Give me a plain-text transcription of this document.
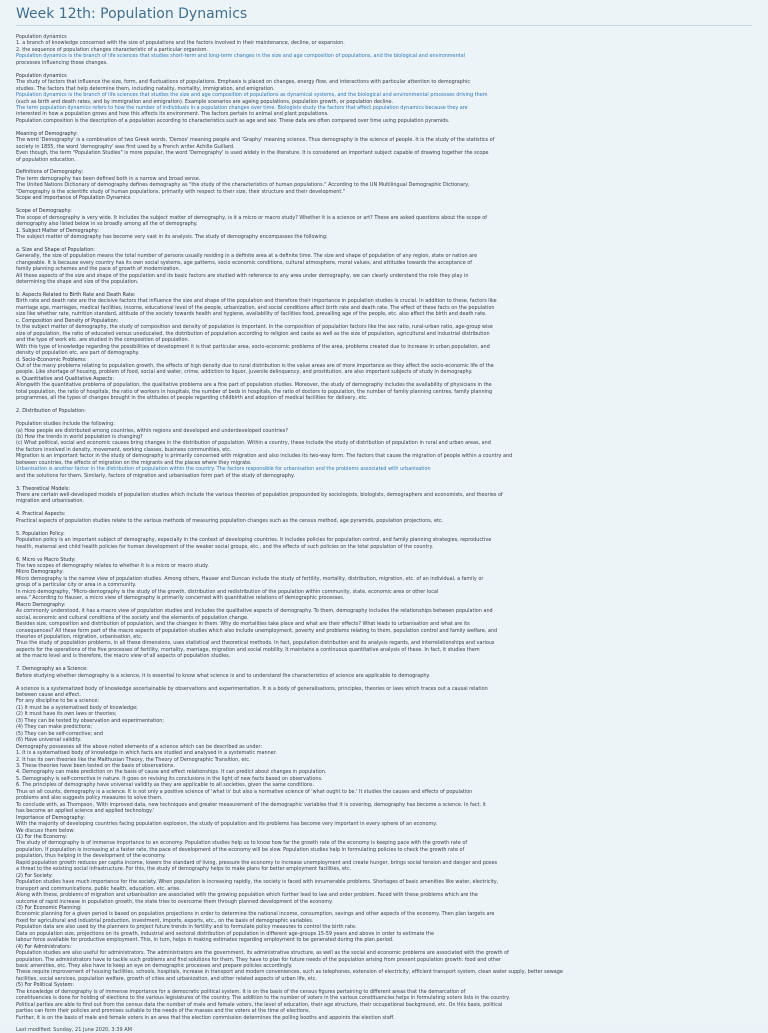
Week 12th: Population Dynamics
Population dynamics
1. a branch of knowledge concerned with the size of populations and the factors involved in their maintenance, decline, or expansion.
2. the sequence of population changes characteristic of a particular organism.
Population dynamics is the branch of life sciences that studies short-term and long-term changes in the size and age composition of populations, and the biological and environmental
processes influencing those changes.
Population dynamics
The study of factors that influence the size, form, and fluctuations of populations. Emphasis is placed on changes, energy flow, and interactions with particular attention to demographic
studies. The factors that help determine them, including natality, mortality, immigration, and emigration.
Population dynamics is the branch of life sciences that studies the size and age composition of populations as dynamical systems, and the biological and environmental processes driving them
(such as birth and death rates, and by immigration and emigration). Example scenarios are ageing populations, population growth, or population decline.
The term population dynamics refers to how the number of individuals in a population changes over time. Biologists study the factors that affect population dynamics because they are
interested in how a population grows and how this affects its environment. The factors pertain to animal and plant populations.
Population composition is the description of a population according to characteristics such as age and sex. These data are often compared over time using population pyramids.
Meaning of Demography:
The word 'Demography' is a combination of two Greek words, 'Demos' meaning people and 'Graphy' meaning science. Thus demography is the science of people. It is the study of the statistics of
society in 1855, the word 'demography' was first used by a French writer Achille Guillard.
Even though, the term "Population Studies" is more popular, the word 'Demography' is used widely in the literature. It is considered an important subject capable of drawing together the scope
of population education.
Definitions of Demography:
The term demography has been defined both in a narrow and broad sense.
The United Nations Dictionary of demography defines demography as "the study of the characteristics of human populations." According to the UN Multilingual Demographic Dictionary,
"Demography is the scientific study of human populations, primarily with respect to their size, their structure and their development."
Scope and Importance of Population Dynamics
Scope of Demography:
The scope of demography is very wide. It includes the subject matter of demography, is it a micro or macro study? Whether it is a science or art? These are asked questions about the scope of
demography also listed below in so broadly among all the of demography.
1. Subject Matter of Demography:
The subject matter of demography has become very vast in its analysis. The study of demography encompasses the following:
a. Size and Shape of Population:
Generally, the size of population means the total number of persons usually residing in a definite area at a definite time. The size and shape of population of any region, state or nation are
changeable. It is because every country has its own social systems, age patterns, socio economic conditions, cultural atmosphere, moral values, and attitudes towards the acceptance of
family planning schemes and the pace of growth of modernization.
All these aspects of the size and shape of the population and its basic factors are studied with reference to any area under demography, we can clearly understand the role they play in
determining the shape and size of the population.
b. Aspects Related to Birth Rate and Death Rate:
Birth rate and death rate are the decisive factors that influence the size and shape of the population and therefore their importance in population studies is crucial. In addition to these, factors like
marriage age, marriages, medical facilities, income, educational level of the people, urbanization, and social conditions affect birth rate and death rate. The effect of these facts on the population
size like whether rate, nutrition standard, attitude of the society towards health and hygiene, availability of facilities food, prevailing age of the people, etc. also affect the birth and death rate.
c. Composition and Density of Population:
In the subject matter of demography, the study of composition and density of population is important. In the composition of population factors like the sex ratio, rural-urban ratio, age-group wise
size of population, the ratio of educated versus uneducated, the distribution of population according to religion and caste as well as the size of population, agricultural and industrial distribution
and the type of work etc. are studied in the composition of population.
With this type of knowledge regarding the possibilities of development it is that particular area, socio-economic problems of the area, problems created due to increase in urban population, and
density of population etc. are part of demography.
d. Socio-Economic Problems:
Out of the many problems relating to population growth, the effects of high density due to rural distribution is the value areas are of more importance as they affect the socio-economic life of the
people. Like shortage of housing, problem of food, social and water, crime, addiction to liquor, juvenile delinquency, and prostitution, are also important subjects of study in demography.
e. Quantitative and Qualitative Aspects:
Alongwith the quantitative problems of population, the qualitative problems are a fine part of population studies. Moreover, the study of demography includes the availability of physicians in the
total population, the ratio of hospitals, the ratio of workers in hospitals, the number of beds in hospitals, the ratio of doctors to population, the number of family planning centres, family planning
programmes, all the types of changes brought in the attitudes of people regarding childbirth and adoption of medical facilities for delivery, etc.
2. Distribution of Population:
Population studies include the following:
(a) How people are distributed among countries, within regions and developed and underdeveloped countries?
(b) How the trends in world population is changing?
(c) What political, social and economic causes bring changes in the distribution of population. Within a country, these include the study of distribution of population in rural and urban areas, and
the factors involved in density, movement, working classes, business communities, etc.
Migration is an important factor in the study of demography is primarily concerned with migration and also includes its two-way form. The factors that cause the migration of people within a country and
between countries, the effects of migration on the migrants and the places where they migrate.
Urbanisation is another factor in the distribution of population within the country. The factors responsible for urbanisation and the problems associated with urbanisation
and the solutions for them. Similarly, factors of migration and urbanisation form part of the study of demography.
3. Theoretical Models:
There are certain well-developed models of population studies which include the various theories of population propounded by sociologists, biologists, demographers and economists, and theories of
migration and urbanisation.
4. Practical Aspects:
Practical aspects of population studies relate to the various methods of measuring population changes such as the census method, age pyramids, population projections, etc.
5. Population Policy:
Population policy is an important subject of demography, especially in the context of developing countries. It includes policies for population control, and family planning strategies, reproductive
health, maternal and child health policies for human development of the weaker social groups, etc., and the effects of such policies on the total population of the country.
6. Micro vs Macro Study:
The two scopes of demography relates to whether it is a micro or macro study.
Micro Demography:
Micro demography is the narrow view of population studies. Among others, Hauser and Duncan include the study of fertility, mortality, distribution, migration, etc. of an individual, a family or
group of a particular city or area in a community.
In micro demography, "Micro-demography is the study of the growth, distribution and redistribution of the population within community, state, economic area or other local
area." According to Hauser, a micro view of demography is primarily concerned with quantitative relations of demographic processes.
Macro Demography:
As commonly understood, it has a macro view of population studies and includes the qualitative aspects of demography. To them, demography includes the relationships between population and
social, economic and cultural conditions of the society and the elements of population change.
Besides size, composition and distribution of population, and the changes in them. Why do mortalities take place and what are their effects? What leads to urbanisation and what are its
consequences? All these form part of the macro aspects of population studies which also include unemployment, poverty and problems relating to them, population control and family welfare, and
theories of population, migration, urbanisation, etc.
Thus the study of population problems, in all these dimensions, uses statistical and theoretical methods. In fact, population distribution and its analysis regards, and interrelationships and various
aspects for the operations of the five processes of fertility, mortality, marriage, migration and social mobility. It maintains a continuous quantitative analysis of these. In fact, it studies them
at the macro level and is therefore, the macro view of all aspects of population studies.
7. Demography as a Science:
Before studying whether demography is a science, it is essential to know what science is and to understand the characteristics of science are applicable to demography.
A science is a systematized body of knowledge ascertainable by observations and experimentation. It is a body of generalisations, principles, theories or laws which traces out a causal relation
between cause and effect.
For any discipline to be a science:
(1) It must be a systematised body of knowledge;
(2) It must have its own laws or theories;
(3) They can be tested by observation and experimentation;
(4) They can make predictions;
(5) They can be self-corrective; and
(6) Have universal validity.
Demography possesses all the above noted elements of a science which can be described as under:
1. It is a systematised body of knowledge in which facts are studied and analysed in a systematic manner.
2. It has its own theories like the Malthusian Theory, the Theory of Demographic Transition, etc.
3. These theories have been tested on the basis of observations.
4. Demography can make prediction on the basis of cause and effect relationships. It can predict about changes in population.
5. Demography is self-corrective in nature. It goes on revising its conclusions in the light of new facts based on observations.
6. The principles of demography have universal validity as they are applicable to all societies, given the same conditions.
Thus on all counts, demography is a science. It is not only a positive science of 'what is' but also a normative science of 'what ought to be.' It studies the causes and effects of population
problems and also suggests policy measures to solve them.
To conclude with, as Thompson, 'With improved data, new techniques and greater measurement of the demographic variables that it is covering, demography has become a science. In fact, it
has become an applied science and applied technology.'
Importance of Demography:
With the majority of developing countries facing population explosion, the study of population and its problems has become very important in every sphere of an economy.
We discuss them below:
(1) For the Economy:
The study of demography is of immense importance to an economy. Population studies help us to know how far the growth rate of the economy is keeping pace with the growth rate of
population. If population is increasing at a faster rate, the pace of development of the economy will be slow. Population studies help in formulating policies to check the growth rate of
population, thus helping in the development of the economy.
Rapid population growth reduces per capita income, lowers the standard of living, pressure the economy to increase unemployment and create hunger, brings social tension and danger and poses
a threat to the existing social infrastructure. For this, the study of demography helps to make plans for better employment facilities, etc.
(2) For Society:
Population studies have much importance for the society. When population is increasing rapidly, the society is faced with innumerable problems. Shortages of basic amenities like water, electricity,
transport and communications, public health, education, etc. arise.
Along with these, problems of migration and urbanisation are associated with the growing population which further lead to law and order problem. Faced with these problems which are the
outcome of rapid increase in population growth, the state tries to overcome them through planned development of the economy.
(3) For Economic Planning:
Economic planning for a given period is based on population projections in order to determine the national income, consumption, savings and other aspects of the economy. Then plan targets are
fixed for agricultural and industrial production, investment, imports, exports, etc., on the basis of demographic variables.
Population data are also used by the planners to project future trends in fertility and to formulate policy measures to control the birth rate.
Data on population size, projections on its growth, industrial and sectoral distribution of population in different age-groups 15-59 years and above in order to estimate the
labour force available for productive employment. This, in turn, helps in making estimates regarding employment to be generated during the plan period.
(4) For Administrators:
Population studies are also useful for administrators. The administrators are the government, its administrative structure, as well as the social and economic problems are associated with the growth of
population. The administrators have to tackle such problems and find solutions for them. They have to plan for future needs of the population arising from present population growth: food and other
basic amenities, etc. They also have to keep an eye on demographic processes and prepare policies accordingly.
These require improvement of housing facilities, schools, hospitals, increase in transport and modern conveniences, such as telephones, extension of electricity, efficient transport system, clean water supply, better sewage
facilities, social services, population welfare, growth of cities and urbanization, and other related aspects of urban life, etc.
(5) For Political System:
The knowledge of demography is of immense importance for a democratic political system. It is on the basis of the census figures pertaining to different areas that the demarcation of
constituencies is done for holding of elections to the various legislatures of the country. The addition to the number of voters in the various constituencies helps in formulating voters lists in the country.
Political parties are able to find out from the census data the number of male and female voters, the level of education, their age structure, their occupational background, etc. On this basis, political
parties can form their policies and promises suitable to the needs of the masses and the voters at the time of elections.
Further, it is on the basis of male and female voters in an area that the election commission determines the polling booths and appoints the election staff.
Last modified: Sunday, 21 June 2020, 3:39 AM
